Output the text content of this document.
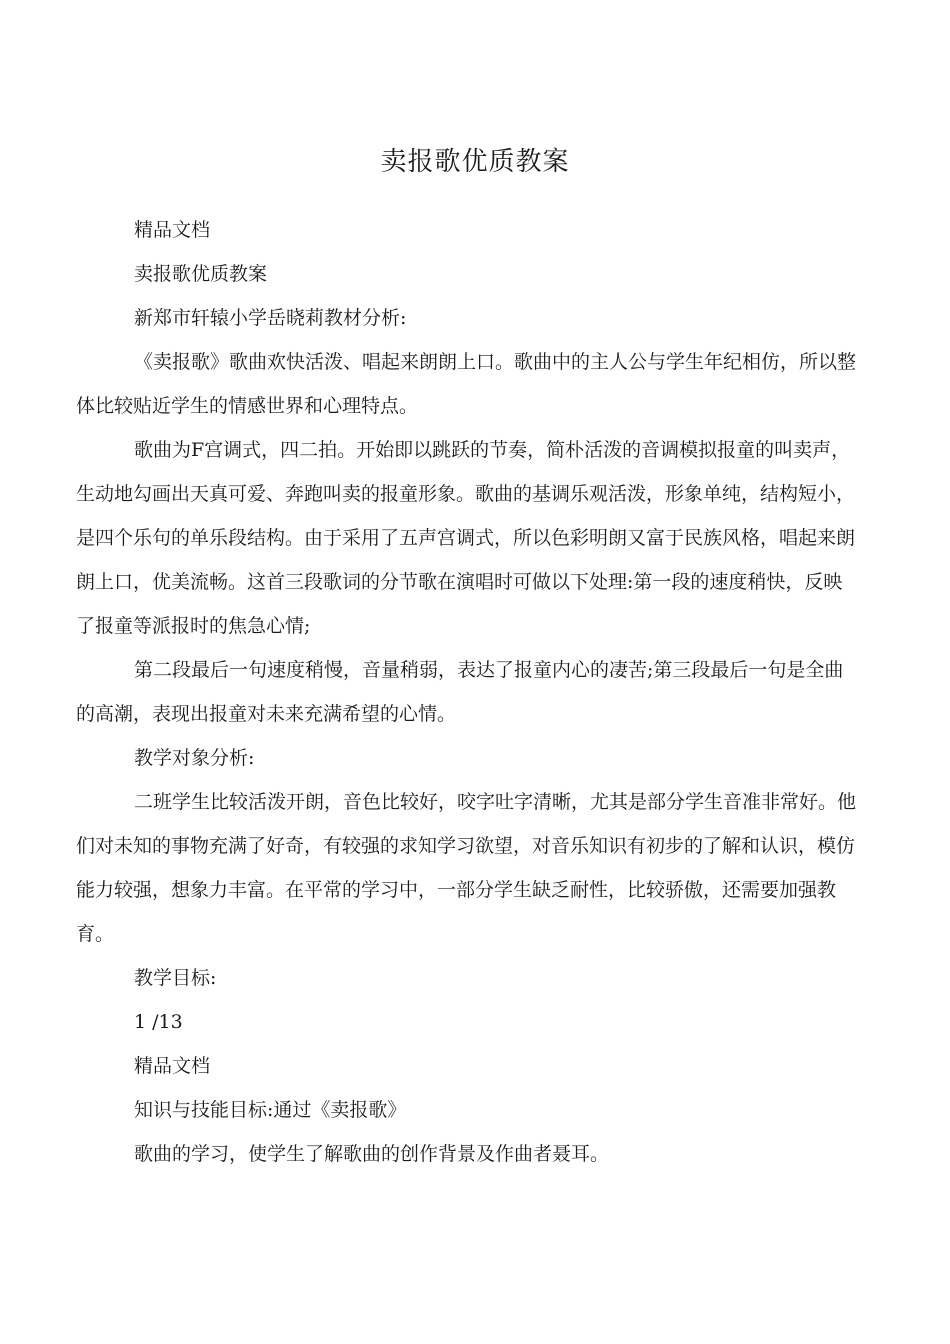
卖报歌优质教案

精品文档

卖报歌优质教案

新郑市轩辕小学岳晓莉教材分析:

《卖报歌》歌曲欢快活泼、唱起来朗朗上口。歌曲中的主人公与学生年纪相仿，所以整体比较贴近学生的情感世界和心理特点。

歌曲为F宫调式，四二拍。开始即以跳跃的节奏，简朴活泼的音调模拟报童的叫卖声，生动地勾画出天真可爱、奔跑叫卖的报童形象。歌曲的基调乐观活泼，形象单纯，结构短小，是四个乐句的单乐段结构。由于采用了五声宫调式，所以色彩明朗又富于民族风格，唱起来朗朗上口，优美流畅。这首三段歌词的分节歌在演唱时可做以下处理:第一段的速度稍快，反映了报童等派报时的焦急心情;

第二段最后一句速度稍慢，音量稍弱，表达了报童内心的凄苦;第三段最后一句是全曲的高潮，表现出报童对未来充满希望的心情。

教学对象分析:

二班学生比较活泼开朗，音色比较好，咬字吐字清晰，尤其是部分学生音准非常好。他们对未知的事物充满了好奇，有较强的求知学习欲望，对音乐知识有初步的了解和认识，模仿能力较强，想象力丰富。在平常的学习中，一部分学生缺乏耐性，比较骄傲，还需要加强教育。

教学目标:

1 /13

精品文档

知识与技能目标:通过《卖报歌》

歌曲的学习，使学生了解歌曲的创作背景及作曲者聂耳。
